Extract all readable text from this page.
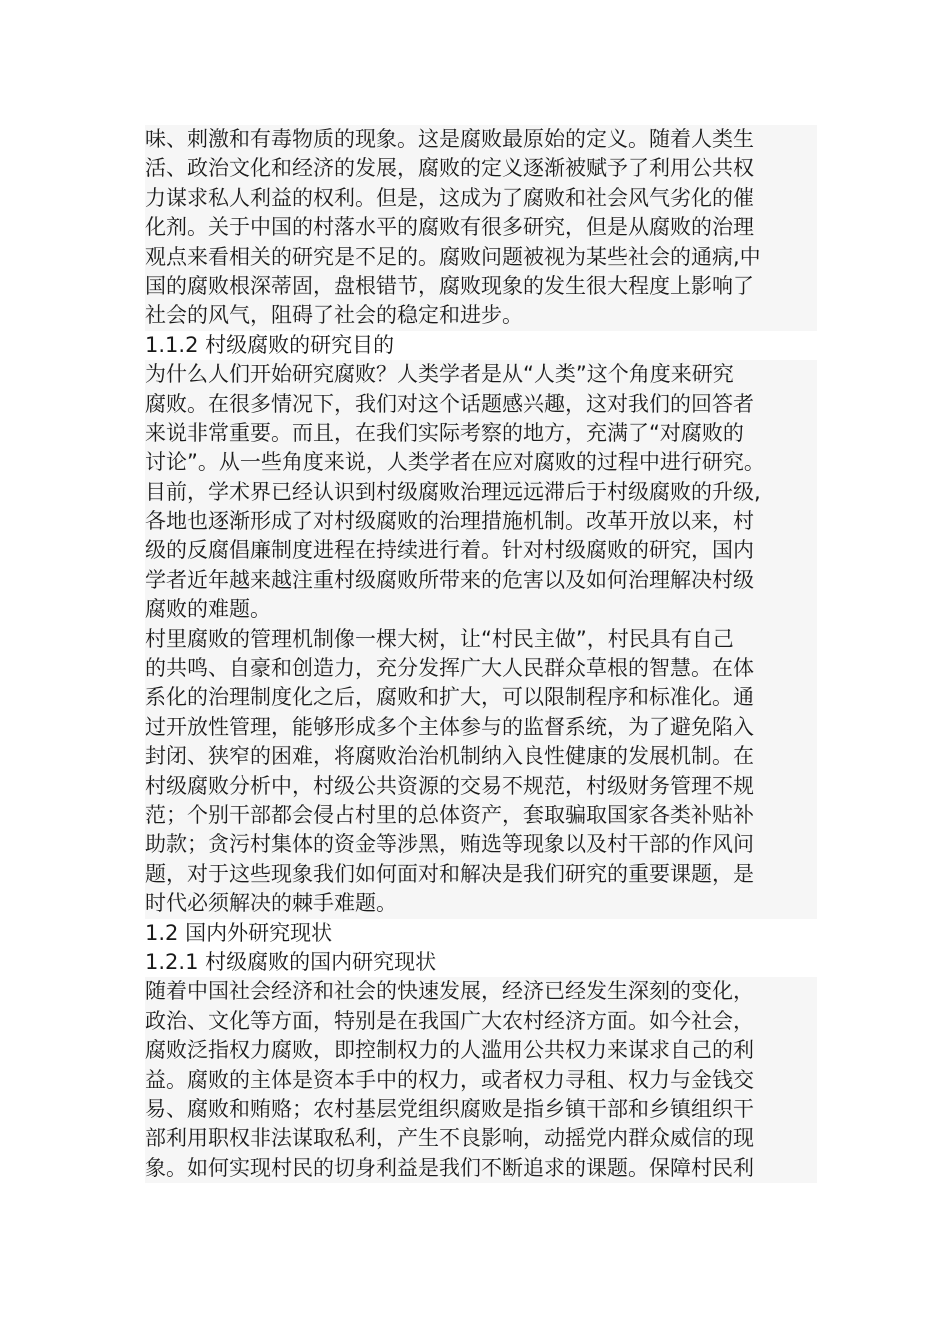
味、刺激和有毒物质的现象。这是腐败最原始的定义。随着人类生
活、政治文化和经济的发展，腐败的定义逐渐被赋予了利用公共权
力谋求私人利益的权利。但是，这成为了腐败和社会风气劣化的催
化剂。关于中国的村落水平的腐败有很多研究，但是从腐败的治理
观点来看相关的研究是不足的。腐败问题被视为某些社会的通病,中
国的腐败根深蒂固，盘根错节，腐败现象的发生很大程度上影响了
社会的风气，阻碍了社会的稳定和进步。
1.1.2 村级腐败的研究目的
为什么人们开始研究腐败？人类学者是从“人类”这个角度来研究
腐败。在很多情况下，我们对这个话题感兴趣，这对我们的回答者
来说非常重要。而且，在我们实际考察的地方，充满了“对腐败的
讨论”。从一些角度来说，人类学者在应对腐败的过程中进行研究。
目前，学术界已经认识到村级腐败治理远远滞后于村级腐败的升级,
各地也逐渐形成了对村级腐败的治理措施机制。改革开放以来，村
级的反腐倡廉制度进程在持续进行着。针对村级腐败的研究，国内
学者近年越来越注重村级腐败所带来的危害以及如何治理解决村级
腐败的难题。
村里腐败的管理机制像一棵大树，让“村民主做”，村民具有自己
的共鸣、自豪和创造力，充分发挥广大人民群众草根的智慧。在体
系化的治理制度化之后，腐败和扩大，可以限制程序和标准化。通
过开放性管理，能够形成多个主体参与的监督系统，为了避免陷入
封闭、狭窄的困难，将腐败治治机制纳入良性健康的发展机制。在
村级腐败分析中，村级公共资源的交易不规范，村级财务管理不规
范；个别干部都会侵占村里的总体资产，套取骗取国家各类补贴补
助款；贪污村集体的资金等涉黑，贿选等现象以及村干部的作风问
题，对于这些现象我们如何面对和解决是我们研究的重要课题，是
时代必须解决的棘手难题。
1.2 国内外研究现状
1.2.1 村级腐败的国内研究现状
随着中国社会经济和社会的快速发展，经济已经发生深刻的变化，
政治、文化等方面，特别是在我国广大农村经济方面。如今社会，
腐败泛指权力腐败，即控制权力的人滥用公共权力来谋求自己的利
益。腐败的主体是资本手中的权力，或者权力寻租、权力与金钱交
易、腐败和贿赂；农村基层党组织腐败是指乡镇干部和乡镇组织干
部利用职权非法谋取私利，产生不良影响，动摇党内群众威信的现
象。如何实现村民的切身利益是我们不断追求的课题。保障村民利
